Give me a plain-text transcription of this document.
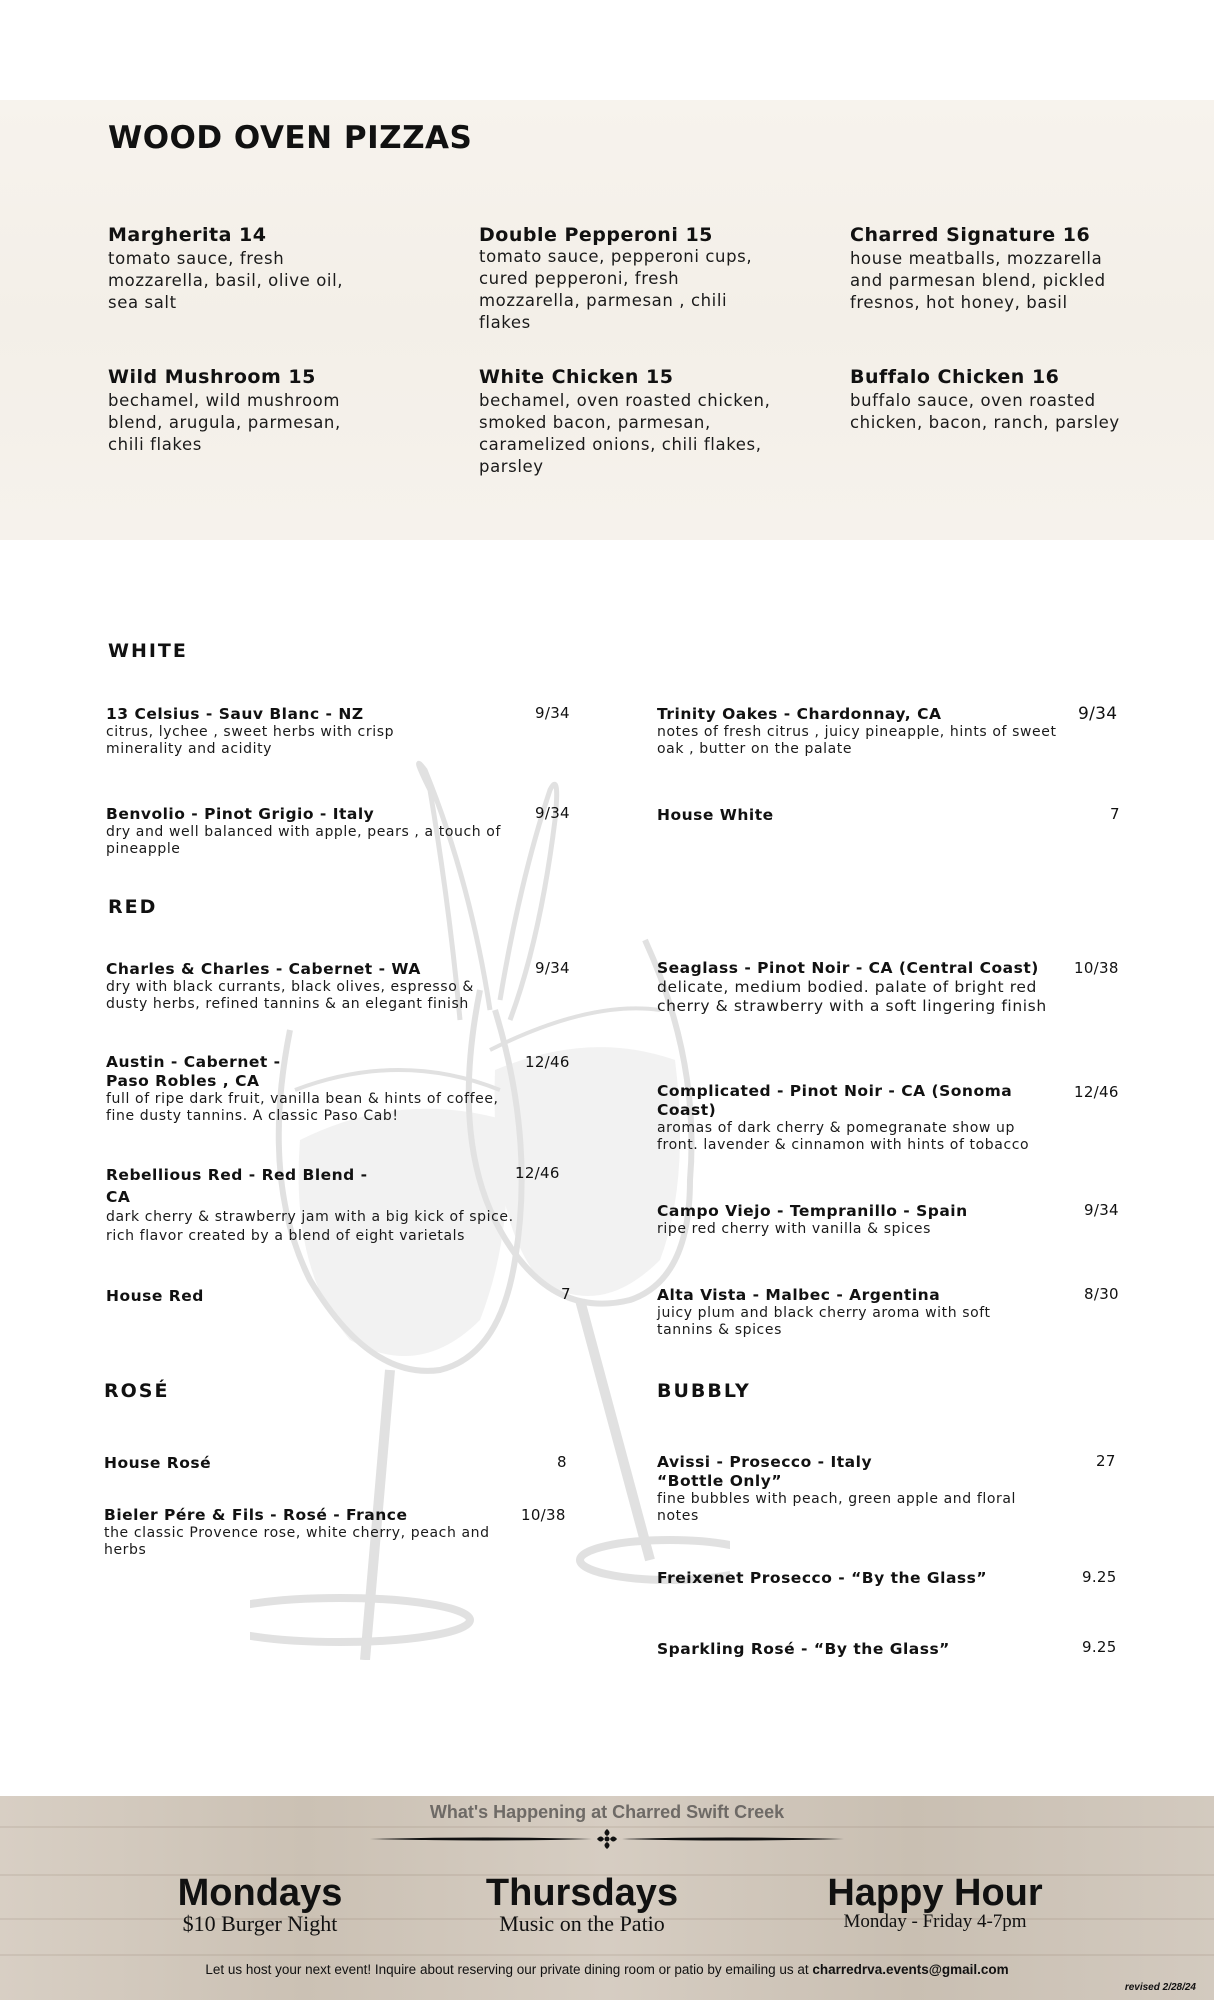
WOOD OVEN PIZZAS
Margherita 14
tomato sauce, fresh mozzarella, basil, olive oil, sea salt
Double Pepperoni 15
tomato sauce, pepperoni cups, cured pepperoni, fresh mozzarella, parmesan , chili flakes
Charred Signature 16
house meatballs, mozzarella and parmesan blend, pickled fresnos, hot honey, basil
Wild Mushroom 15
bechamel, wild mushroom blend, arugula, parmesan, chili flakes
White Chicken 15
bechamel, oven roasted chicken, smoked bacon, parmesan, caramelized onions, chili flakes, parsley
Buffalo Chicken 16
buffalo sauce, oven roasted chicken, bacon, ranch, parsley
WHITE
13 Celsius - Sauv Blanc - NZ
citrus, lychee , sweet herbs with crisp minerality and acidity
9/34
Benvolio - Pinot Grigio - Italy
dry and well balanced with apple, pears , a touch of pineapple
9/34
Trinity Oakes - Chardonnay, CA
notes of fresh citrus , juicy pineapple, hints of sweet oak , butter on the palate
9/34
House White	7
RED
Charles & Charles - Cabernet - WA
dry with black currants, black olives, espresso & dusty herbs, refined tannins & an elegant finish
9/34
Austin - Cabernet - Paso Robles , CA
full of ripe dark fruit, vanilla bean & hints of coffee, fine dusty tannins. A classic Paso Cab!
12/46
Rebellious Red - Red Blend - CA
dark cherry & strawberry jam with a big kick of spice. rich flavor created by a blend of eight varietals
12/46
House Red	7
Seaglass - Pinot Noir - CA (Central Coast)
delicate, medium bodied. palate of bright red cherry & strawberry with a soft lingering finish
10/38
Complicated - Pinot Noir - CA (Sonoma Coast)
aromas of dark cherry & pomegranate show up front. lavender & cinnamon with hints of tobacco
12/46
Campo Viejo - Tempranillo - Spain
ripe red cherry with vanilla & spices
9/34
Alta Vista - Malbec - Argentina
juicy plum and black cherry aroma with soft tannins & spices
8/30
ROSÉ
House Rosé	8
Bieler Pére & Fils - Rosé - France
the classic Provence rose, white cherry, peach and herbs
10/38
BUBBLY
Avissi - Prosecco - Italy
“Bottle Only”
fine bubbles with peach, green apple and floral notes
27
Freixenet Prosecco - “By the Glass”	9.25
Sparkling Rosé - “By the Glass”	9.25
What's Happening at Charred Swift Creek
Mondays
$10 Burger Night
Thursdays
Music on the Patio
Happy Hour
Monday - Friday 4-7pm
Let us host your next event! Inquire about reserving our private dining room or patio by emailing us at charredrva.events@gmail.com
revised 2/28/24
